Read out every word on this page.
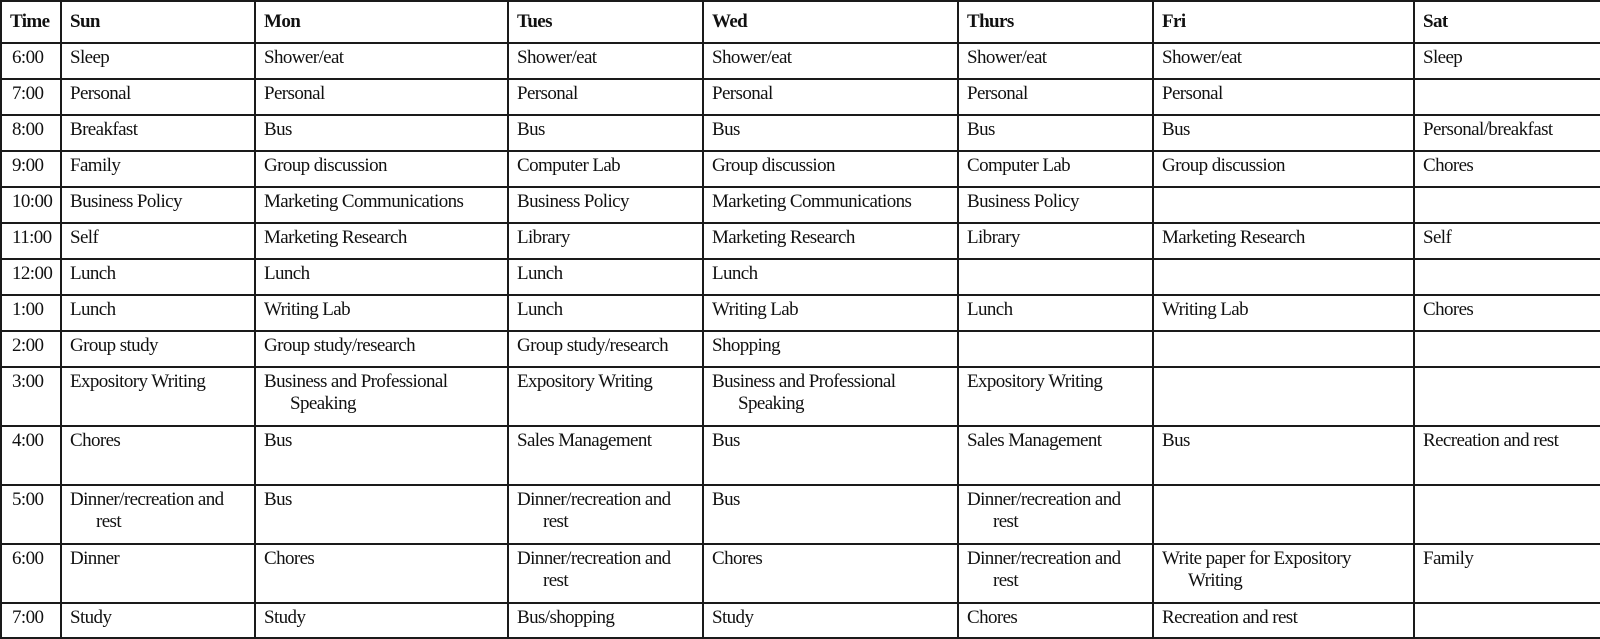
Time	Sun	Mon	Tues	Wed	Thurs	Fri	Sat
6:00	Sleep	Shower/eat	Shower/eat	Shower/eat	Shower/eat	Shower/eat	Sleep

7:00	Personal	Personal	Personal	Personal	Personal	Personal	

8:00	Breakfast	Bus	Bus	Bus	Bus	Bus	Personal/breakfast

9:00	Family	Group discussion	Computer Lab	Group discussion	Computer Lab	Group discussion	Chores

10:00	Business Policy	Marketing Communications	Business Policy	Marketing Communications	Business Policy		

11:00	Self	Marketing Research	Library	Marketing Research	Library	Marketing Research	Self

12:00	Lunch	Lunch	Lunch	Lunch			

1:00	Lunch	Writing Lab	Lunch	Writing Lab	Lunch	Writing Lab	Chores

2:00	Group study	Group study/research	Group study/research	Shopping			

3:00	Expository Writing	Business and Professional Speaking	Expository Writing	Business and Professional Speaking	Expository Writing		

4:00	Chores	Bus	Sales Management	Bus	Sales Management	Bus	Recreation and rest

5:00	Dinner/recreation and rest	Bus	Dinner/recreation and rest	Bus	Dinner/recreation and rest		

6:00	Dinner	Chores	Dinner/recreation and rest	Chores	Dinner/recreation and rest	Write paper for Expository Writing	Family

7:00	Study	Study	Bus/shopping	Study	Chores	Recreation and rest	
